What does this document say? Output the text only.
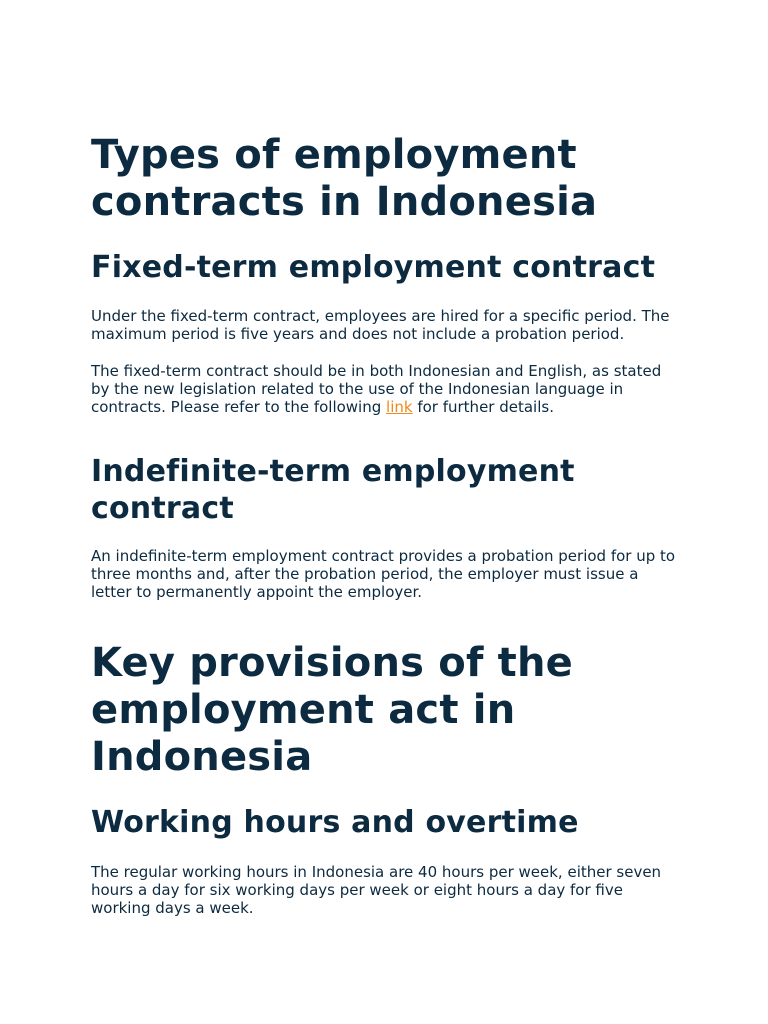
Types of employment contracts in Indonesia
Fixed-term employment contract

Under the fixed-term contract, employees are hired for a specific period. The maximum period is five years and does not include a probation period.

The fixed-term contract should be in both Indonesian and English, as stated by the new legislation related to the use of the Indonesian language in contracts. Please refer to the following link for further details.

Indefinite-term employment contract

An indefinite-term employment contract provides a probation period for up to three months and, after the probation period, the employer must issue a letter to permanently appoint the employer.

Key provisions of the employment act in Indonesia
Working hours and overtime

The regular working hours in Indonesia are 40 hours per week, either seven hours a day for six working days per week or eight hours a day for five working days a week.
